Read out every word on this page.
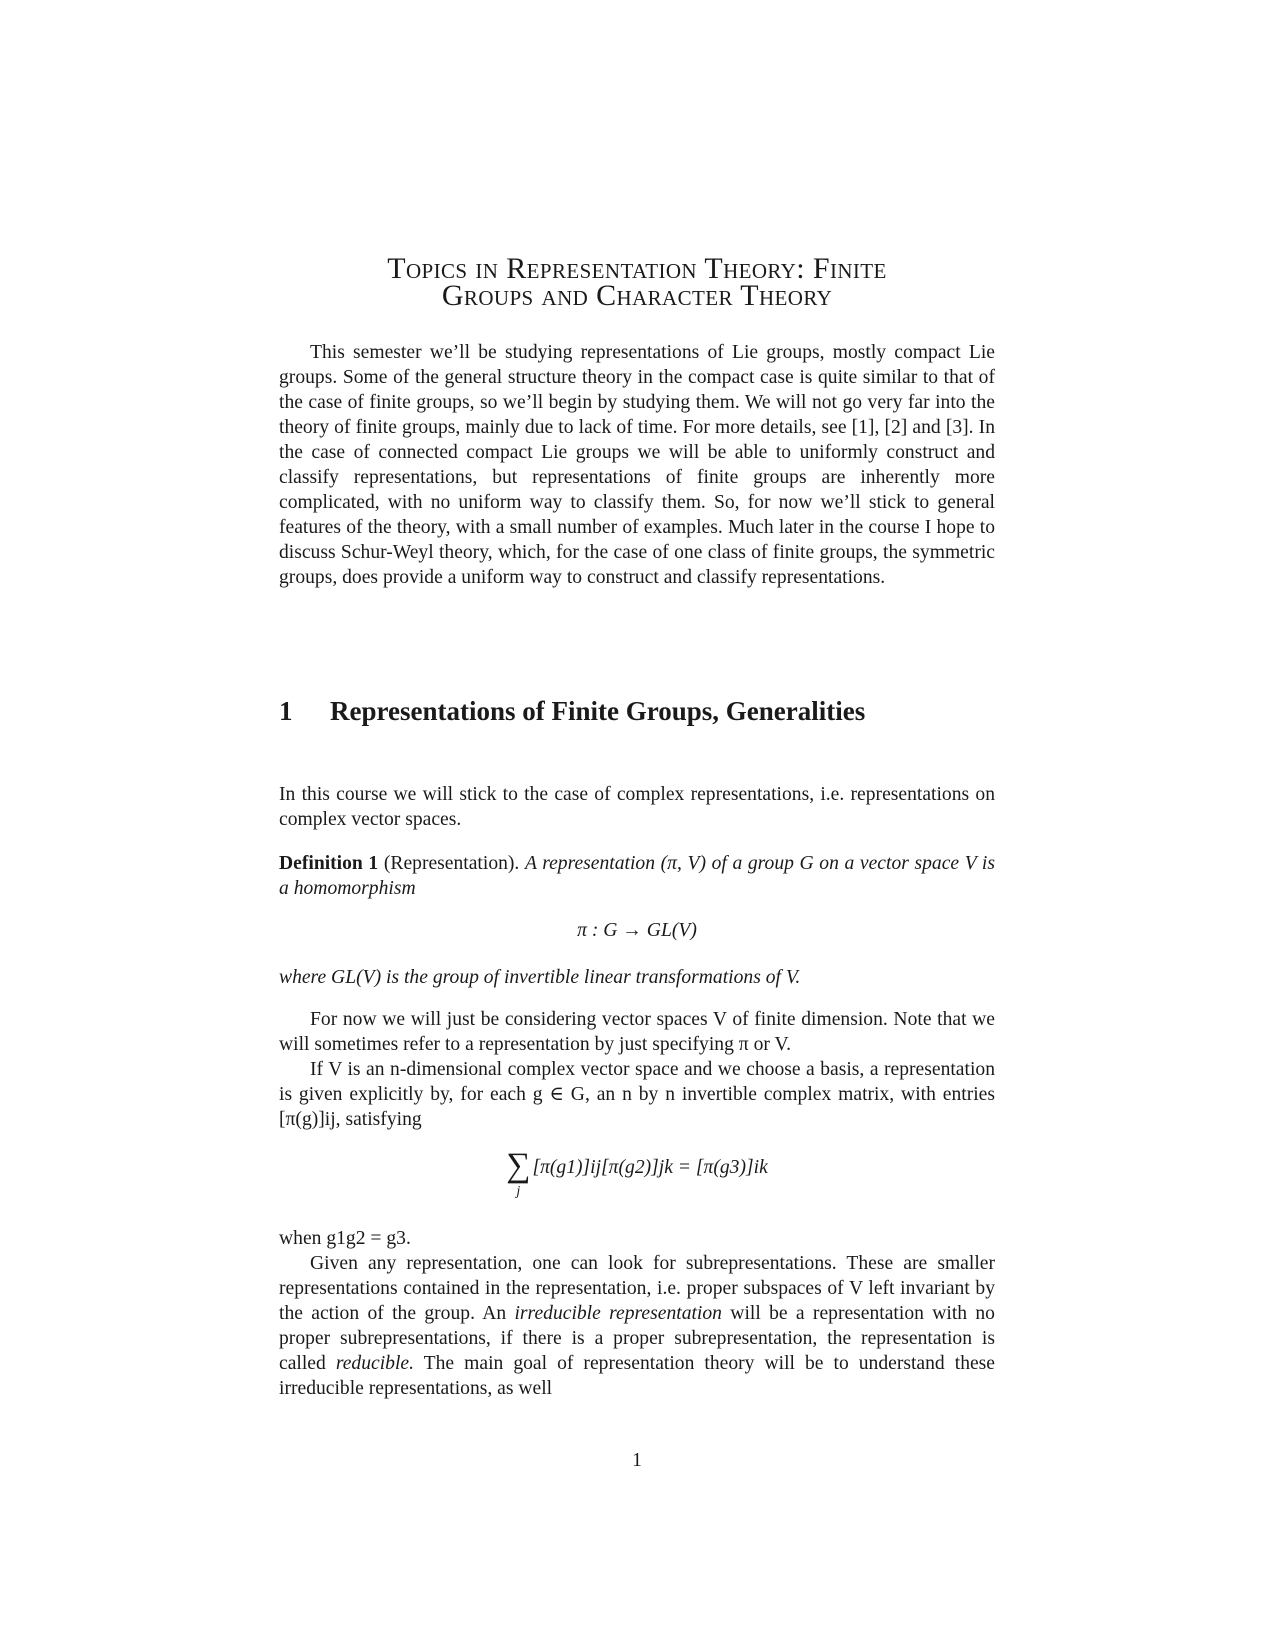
Topics in Representation Theory: Finite
Groups and Character Theory

This semester we’ll be studying representations of Lie groups, mostly compact Lie groups. Some of the general structure theory in the compact case is quite similar to that of the case of finite groups, so we’ll begin by studying them. We will not go very far into the theory of finite groups, mainly due to lack of time. For more details, see [1], [2] and [3]. In the case of connected compact Lie groups we will be able to uniformly construct and classify representations, but representations of finite groups are inherently more complicated, with no uniform way to classify them. So, for now we’ll stick to general features of the theory, with a small number of examples. Much later in the course I hope to discuss Schur-Weyl theory, which, for the case of one class of finite groups, the symmetric groups, does provide a uniform way to construct and classify representations.

1	Representations of Finite Groups, Generalities

In this course we will stick to the case of complex representations, i.e. representations on complex vector spaces.

Definition 1 (Representation). A representation (π, V) of a group G on a vector space V is a homomorphism

π : G → GL(V)

where GL(V) is the group of invertible linear transformations of V.

For now we will just be considering vector spaces V of finite dimension. Note that we will sometimes refer to a representation by just specifying π or V.

If V is an n-dimensional complex vector space and we choose a basis, a representation is given explicitly by, for each g ∈ G, an n by n invertible complex matrix, with entries [π(g)]ij, satisfying

∑
j
[π(g1)]ij[π(g2)]jk = [π(g3)]ik

when g1g2 = g3.

Given any representation, one can look for subrepresentations. These are smaller representations contained in the representation, i.e. proper subspaces of V left invariant by the action of the group. An irreducible representation will be a representation with no proper subrepresentations, if there is a proper subrepresentation, the representation is called reducible. The main goal of representation theory will be to understand these irreducible representations, as well

1
